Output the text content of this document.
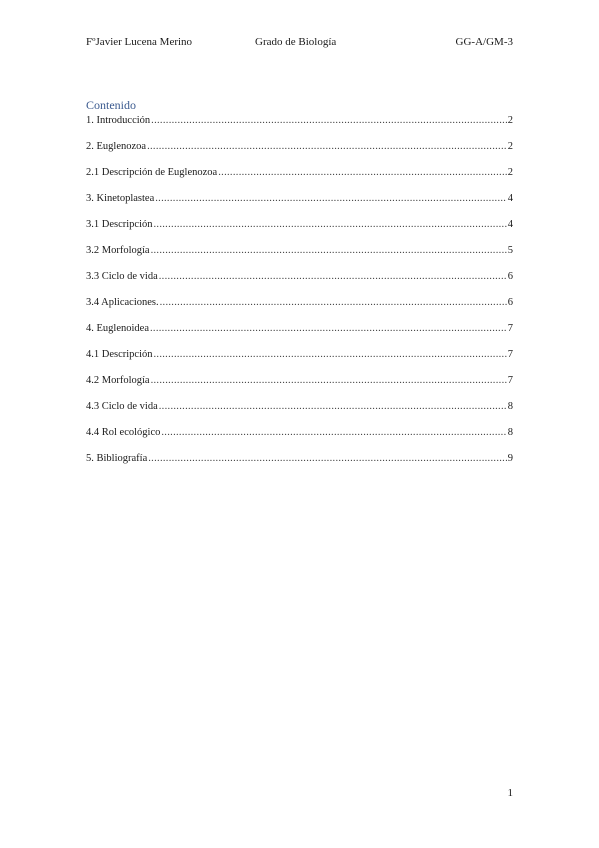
FºJavier Lucena Merino	Grado de Biología	GG-A/GM-3
Contenido
1. Introducción .....	2
2. Euglenozoa .....	2
2.1 Descripción de Euglenozoa .....	2
3. Kinetoplastea .....	4
3.1 Descripción .....	4
3.2 Morfología .....	5
3.3 Ciclo de vida .....	6
3.4 Aplicaciones. .....	6
4. Euglenoidea .....	7
4.1 Descripción .....	7
4.2 Morfología .....	7
4.3 Ciclo de vida .....	8
4.4 Rol ecológico .....	8
5. Bibliografía .....	9
1
